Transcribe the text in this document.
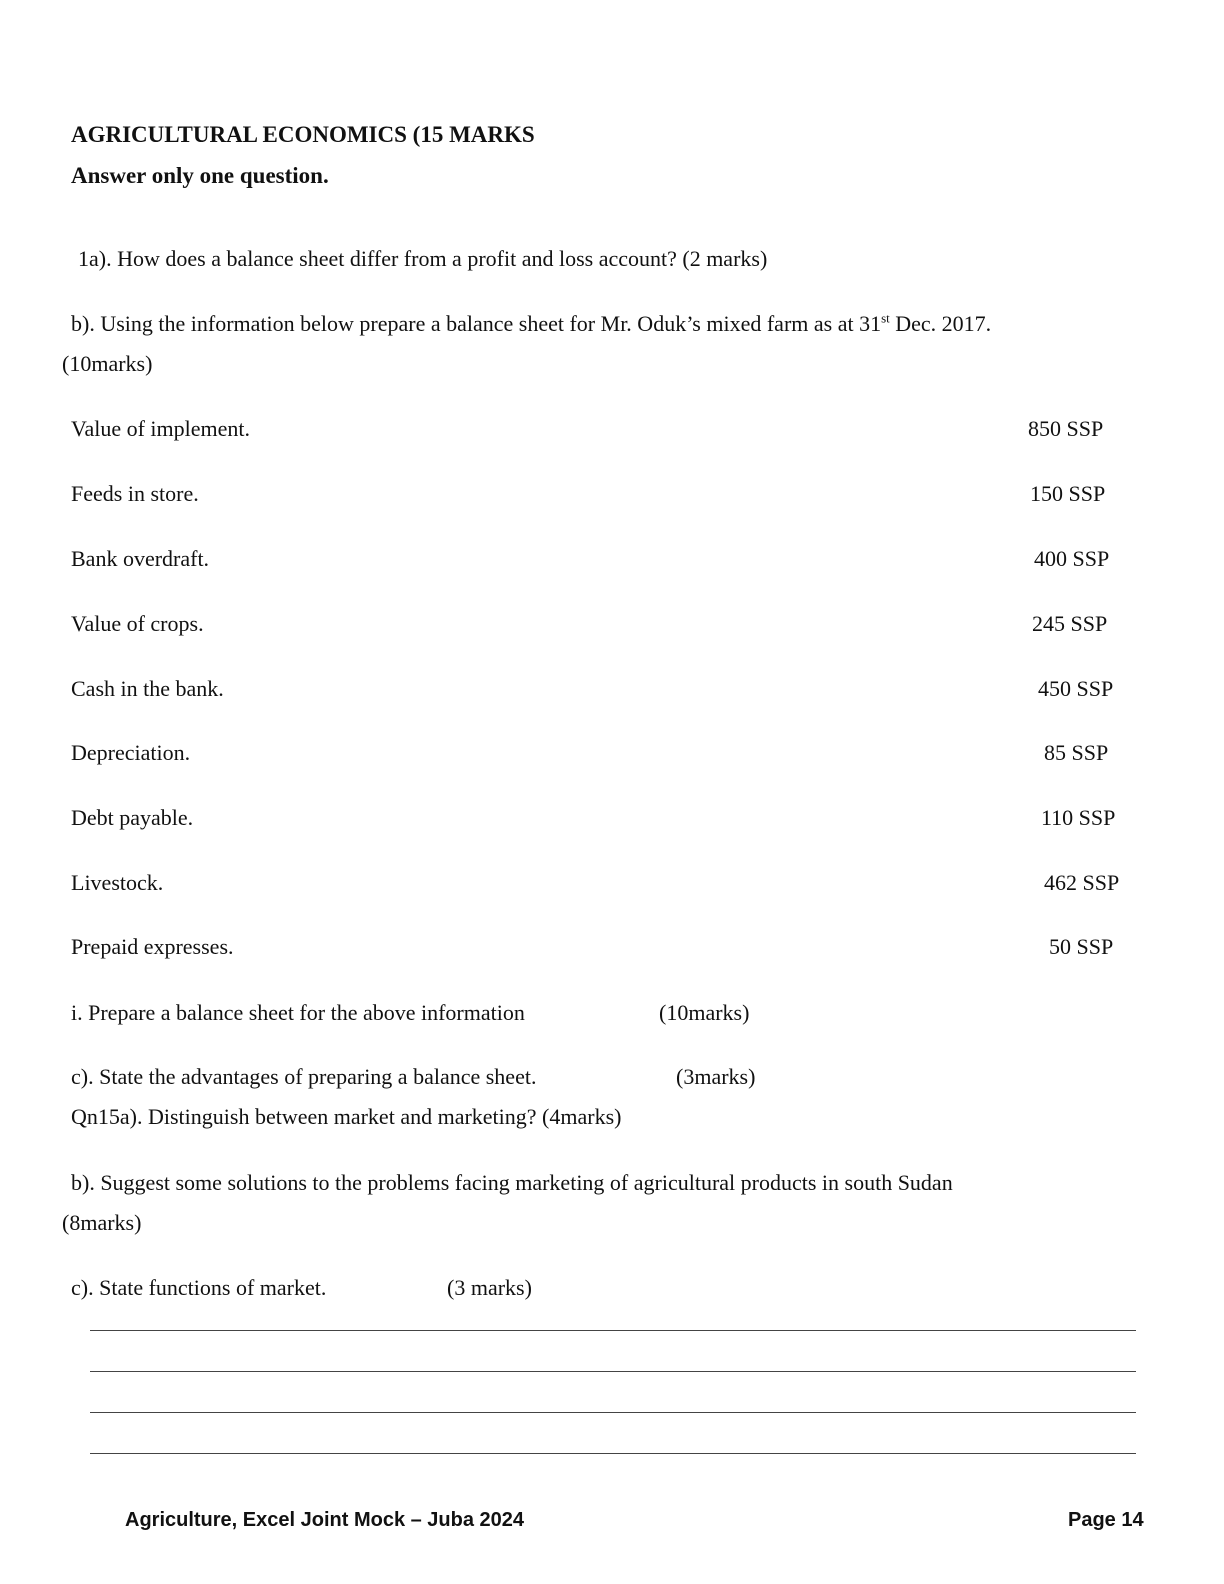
AGRICULTURAL ECONOMICS (15 MARKS
Answer only one question.
1a). How does a balance sheet differ from a profit and loss account? (2 marks)
b). Using the information below prepare a balance sheet for Mr. Oduk’s mixed farm as at 31st Dec. 2017.
(10marks)
Value of implement.	850 SSP
Feeds in store.	150 SSP
Bank overdraft.	400 SSP
Value of crops.	245 SSP
Cash in the bank.	450 SSP
Depreciation.	85 SSP
Debt payable.	110 SSP
Livestock.	462 SSP
Prepaid expresses.	50 SSP
i. Prepare a balance sheet for the above information	(10marks)
c). State the advantages of preparing a balance sheet.	(3marks)
Qn15a). Distinguish between market and marketing? (4marks)
b). Suggest some solutions to the problems facing marketing of agricultural products in south Sudan
(8marks)
c). State functions of market.	(3 marks)
Agriculture, Excel Joint Mock – Juba 2024	Page 14
